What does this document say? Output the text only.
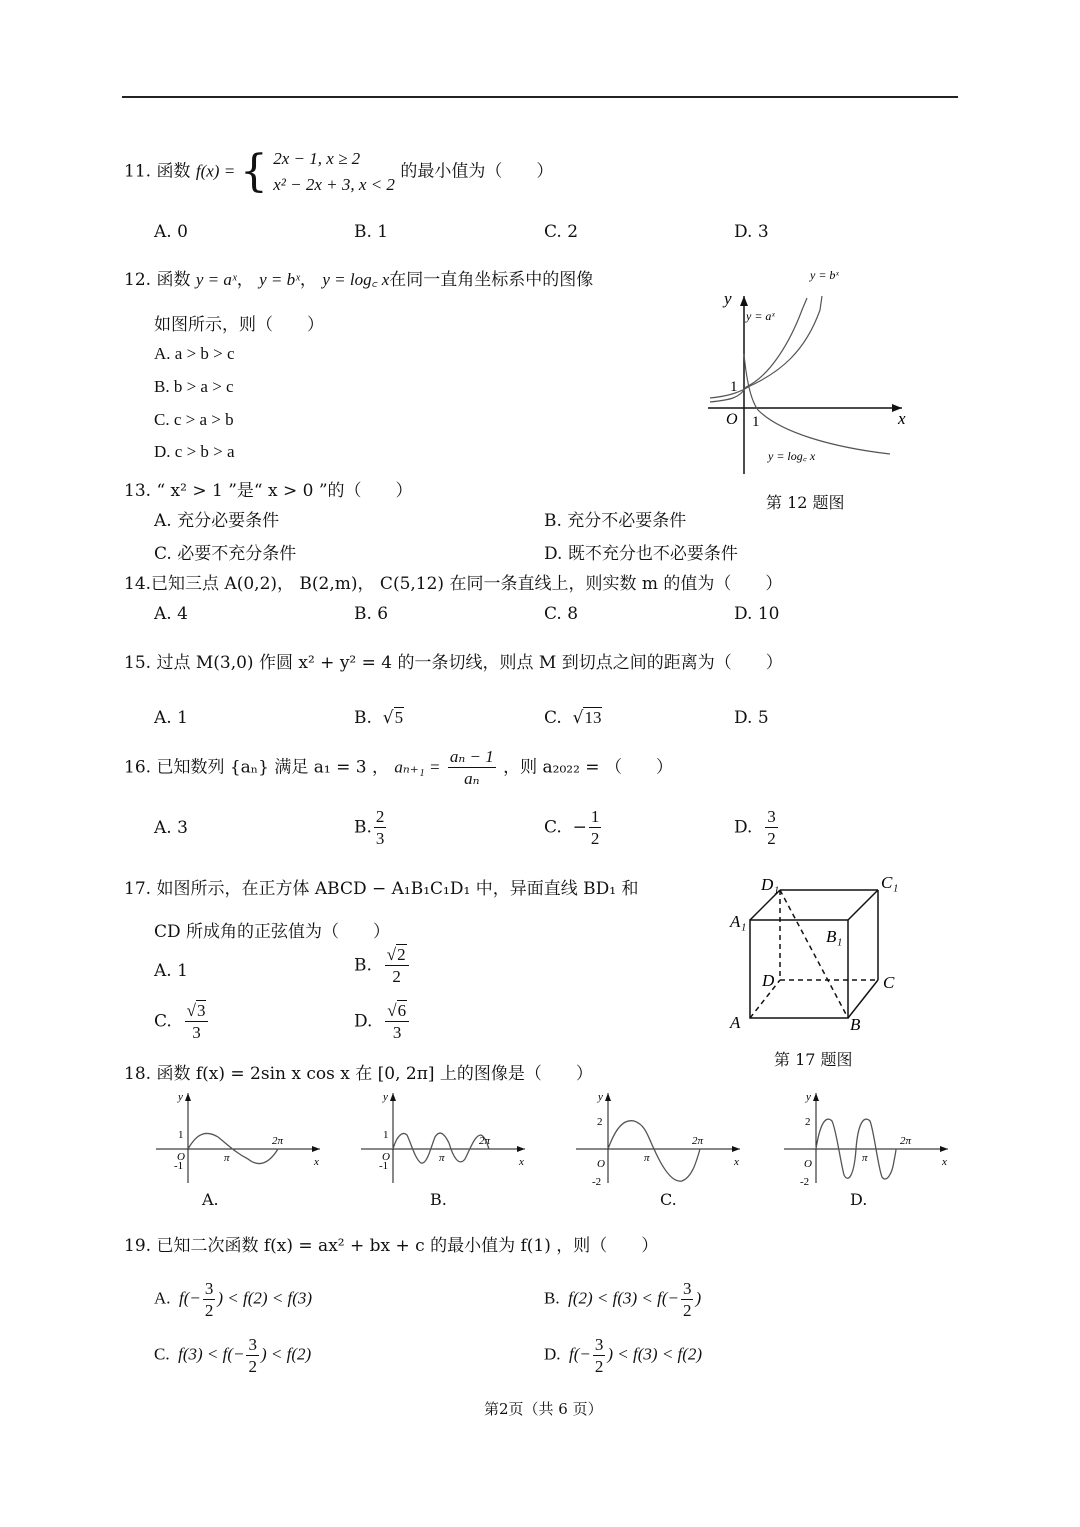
11. 函数 f(x) = { 2x − 1, x ≥ 2
x² − 2x + 3, x < 2
的最小值为（　　）
A. 0	B. 1	C. 2	D. 3
12. 函数 y = aˣ， y = bˣ， y = log꜀ x在同一直角坐标系中的图像
如图所示，则（　　）
A. a > b > c
B. b > a > c
C. c > a > b
D. c > b > a
y = bˣ
y = aˣ
y = log꜀ x
x
y
O 1
1
第 12 题图
13. “ x² > 1 ”是“ x > 0 ”的（　　）
A. 充分必要条件	B. 充分不必要条件
C. 必要不充分条件	D. 既不充分也不必要条件
14.已知三点 A(0,2)， B(2,m)， C(5,12) 在同一条直线上，则实数 m 的值为（　　）
A. 4	B. 6	C. 8	D. 10
15. 过点 M(3,0) 作圆 x² + y² = 4 的一条切线，则点 M 到切点之间的距离为（　　）
A. 1	B. √5	C. √13	D. 5
16. 已知数列 {aₙ} 满足 a₁ = 3 ， $a_{n+1} = \frac{\text{aₙ − 1}}{\text{aₙ}}$ ，则 a₂₀₂₂ = （　　）
A. 3	B. $\frac{2}{3}$	C. − $\frac{1}{2}$	D. $\frac{3}{2}$
17. 如图所示，在正方体 ABCD − A₁B₁C₁D₁ 中，异面直线 BD₁ 和
CD 所成角的正弦值为（　　）
A. 1	B. $\frac{√2}{2}$
C. $\frac{√3}{3}$	D. $\frac{√6}{3}$
D₁	C₁
A₁
B₁
D	C
A	B
第 17 题图
18. 函数 f(x) = 2sin x cos x 在 [0, 2π] 上的图像是（　　）
y
x
O	π
2π
1
-1
A.
y
x
O	π
2π
1
-1
B.
y
x
O	π
2π
2
-2
C.
y
x
O	π
2π
2
-2
D.
19. 已知二次函数 f(x) = ax² + bx + c 的最小值为 f(1) ，则（　　）
A. $f(- \frac{3}{2}$ ) < f(2) < f(3)	B. $f(2) < f(3) < f(- \frac{3}{2}$ )
C. $f(3) < f(- \frac{3}{2}$ ) < f(2)	D. $f(- \frac{3}{2}$ ) < f(3) < f(2)
第2页（共 6 页）
